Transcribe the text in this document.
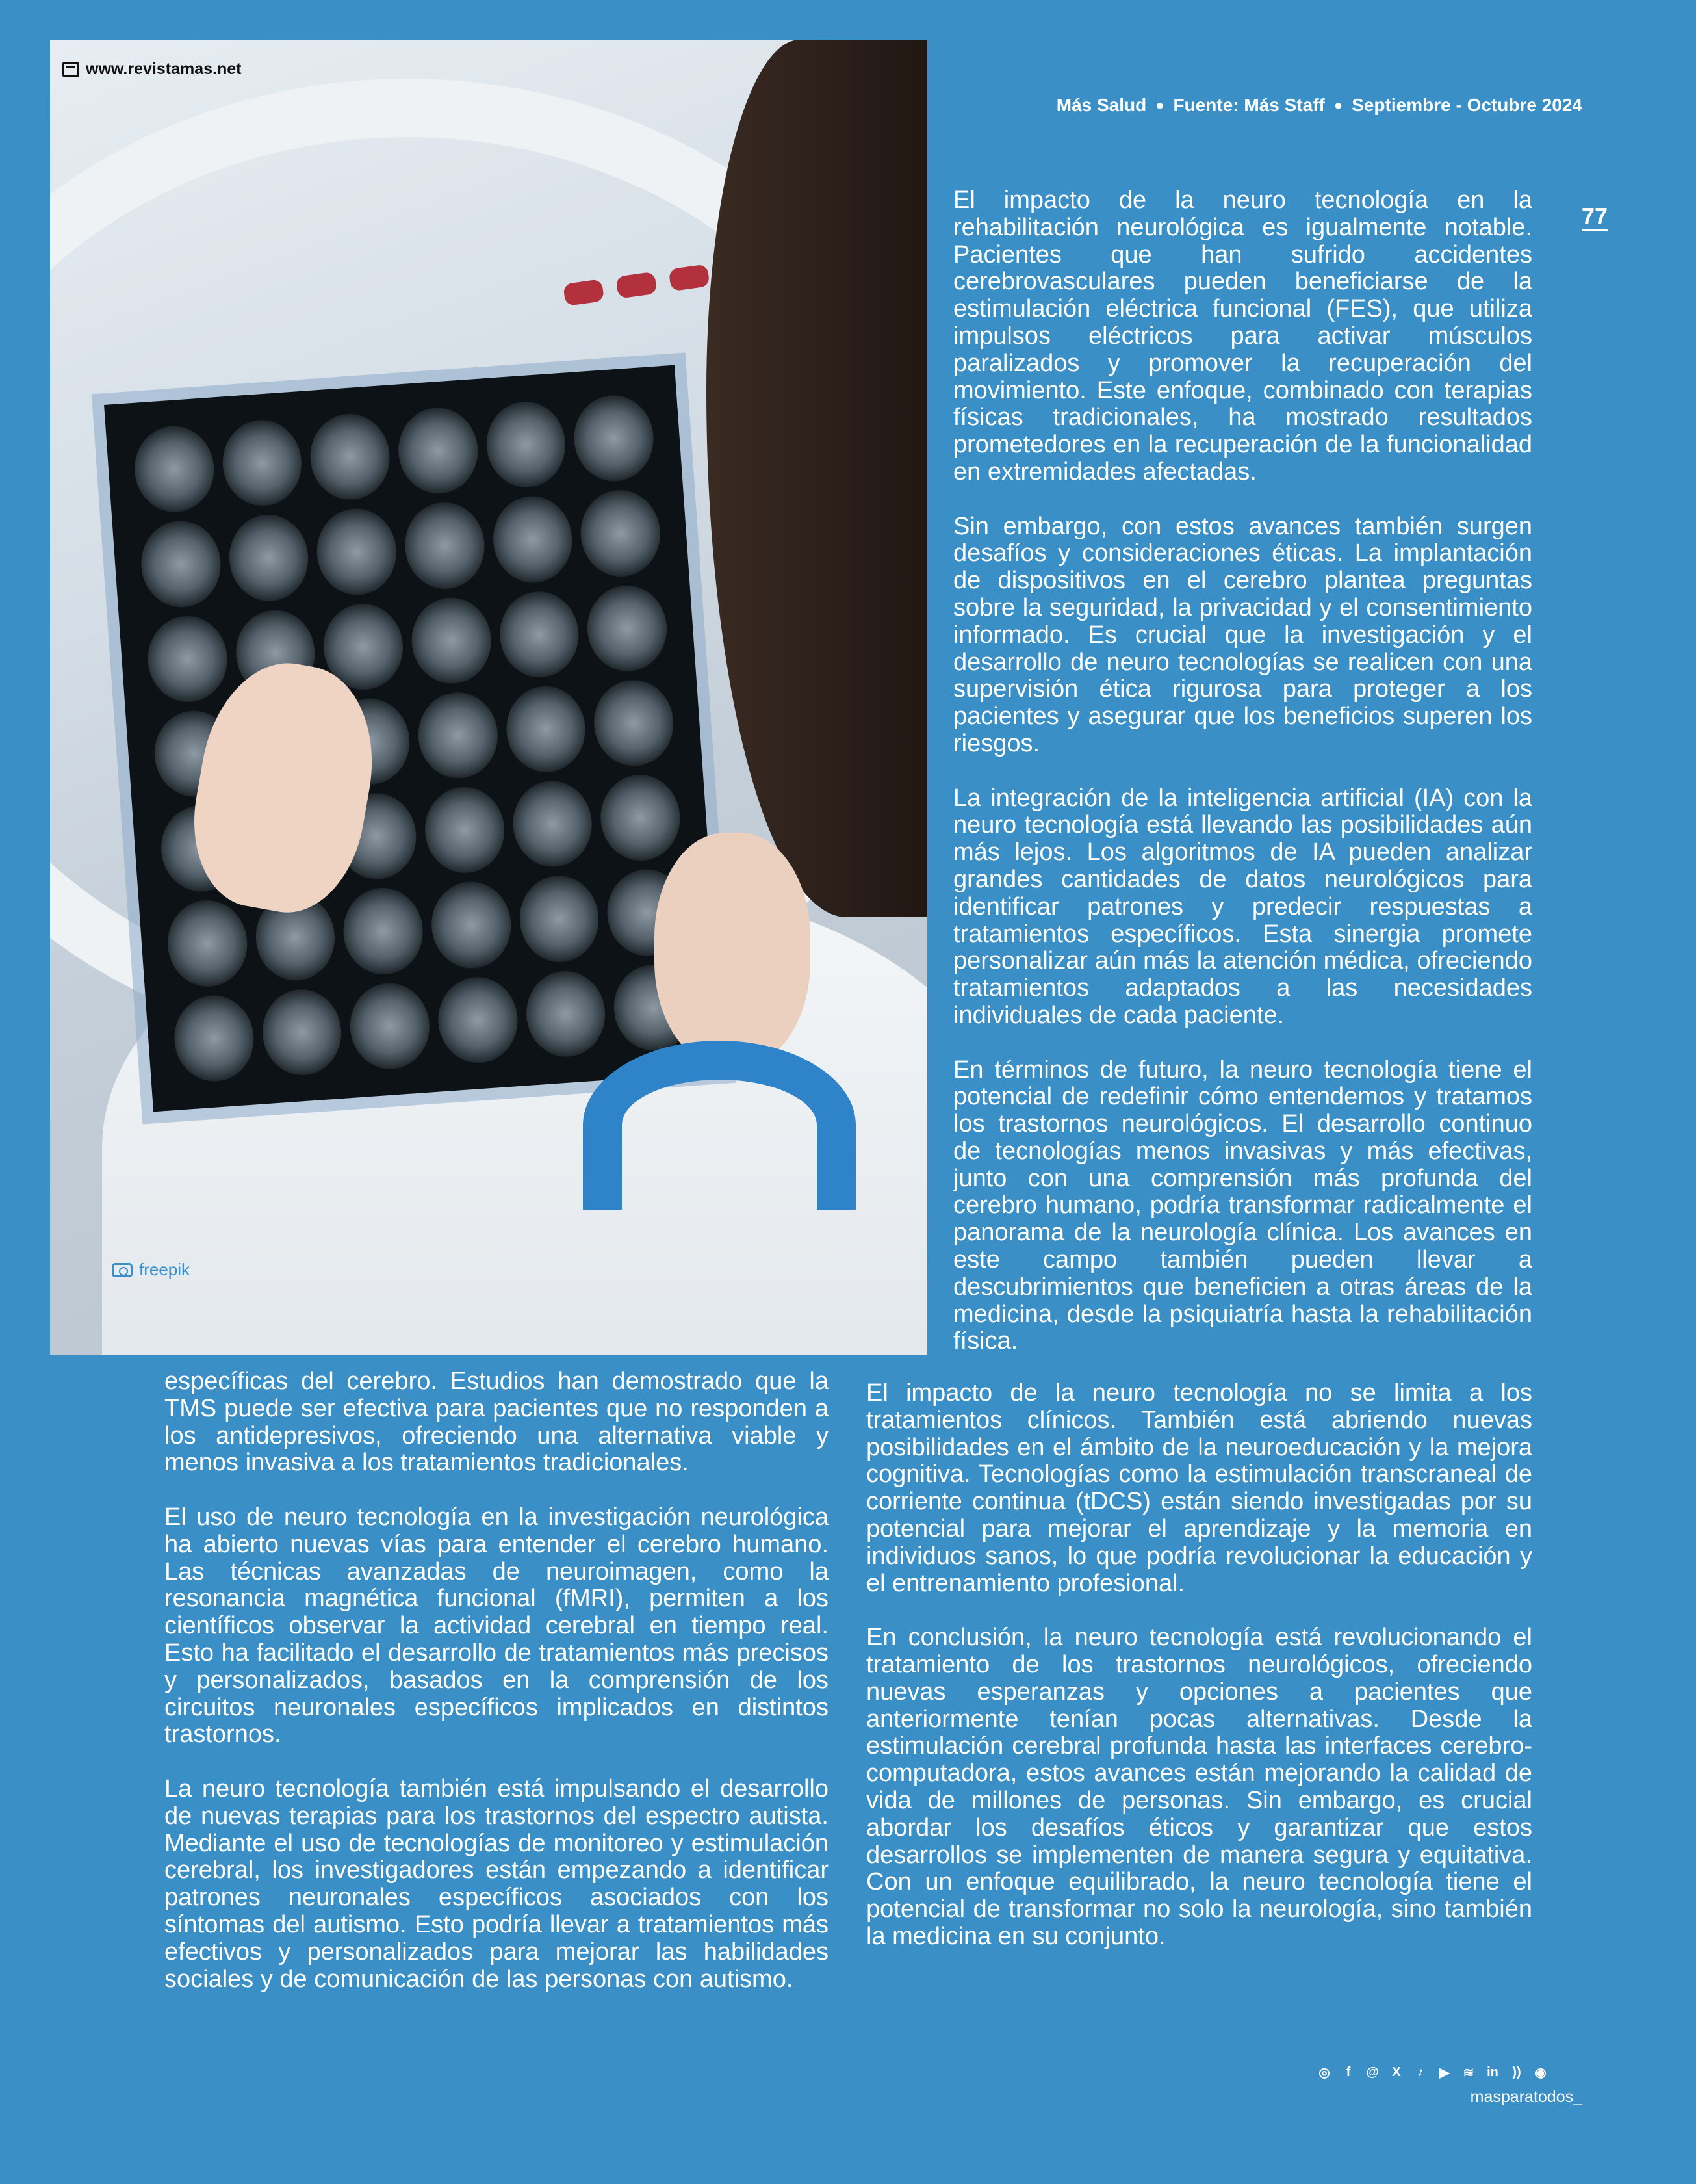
www.revistamas.net
freepik
Más Salud ● Fuente: Más Staff ● Septiembre - Octubre 2024
77

El impacto de la neuro tecnología en la rehabilitación neurológica es igualmente notable. Pacientes que han sufrido accidentes cerebrovasculares pueden beneficiarse de la estimulación eléctrica funcional (FES), que utiliza impulsos eléctricos para activar músculos paralizados y promover la recuperación del movimiento. Este enfoque, combinado con terapias físicas tradicionales, ha mostrado resultados prometedores en la recuperación de la funcionalidad en extremidades afectadas.

Sin embargo, con estos avances también surgen desafíos y consideraciones éticas. La implantación de dispositivos en el cerebro plantea preguntas sobre la seguridad, la privacidad y el consentimiento informado. Es crucial que la investigación y el desarrollo de neuro tecnologías se realicen con una supervisión ética rigurosa para proteger a los pacientes y asegurar que los beneficios superen los riesgos.

La integración de la inteligencia artificial (IA) con la neuro tecnología está llevando las posibilidades aún más lejos. Los algoritmos de IA pueden analizar grandes cantidades de datos neurológicos para identificar patrones y predecir respuestas a tratamientos específicos. Esta sinergia promete personalizar aún más la atención médica, ofreciendo tratamientos adaptados a las necesidades individuales de cada paciente.

En términos de futuro, la neuro tecnología tiene el potencial de redefinir cómo entendemos y tratamos los trastornos neurológicos. El desarrollo continuo de tecnologías menos invasivas y más efectivas, junto con una comprensión más profunda del cerebro humano, podría transformar radicalmente el panorama de la neurología clínica. Los avances en este campo también pueden llevar a descubrimientos que beneficien a otras áreas de la medicina, desde la psiquiatría hasta la rehabilitación física.

específicas del cerebro. Estudios han demostrado que la TMS puede ser efectiva para pacientes que no responden a los antidepresivos, ofreciendo una alternativa viable y menos invasiva a los tratamientos tradicionales.

El uso de neuro tecnología en la investigación neurológica ha abierto nuevas vías para entender el cerebro humano. Las técnicas avanzadas de neuroimagen, como la resonancia magnética funcional (fMRI), permiten a los científicos observar la actividad cerebral en tiempo real. Esto ha facilitado el desarrollo de tratamientos más precisos y personalizados, basados en la comprensión de los circuitos neuronales específicos implicados en distintos trastornos.

La neuro tecnología también está impulsando el desarrollo de nuevas terapias para los trastornos del espectro autista. Mediante el uso de tecnologías de monitoreo y estimulación cerebral, los investigadores están empezando a identificar patrones neuronales específicos asociados con los síntomas del autismo. Esto podría llevar a tratamientos más efectivos y personalizados para mejorar las habilidades sociales y de comunicación de las personas con autismo.

El impacto de la neuro tecnología no se limita a los tratamientos clínicos. También está abriendo nuevas posibilidades en el ámbito de la neuroeducación y la mejora cognitiva. Tecnologías como la estimulación transcraneal de corriente continua (tDCS) están siendo investigadas por su potencial para mejorar el aprendizaje y la memoria en individuos sanos, lo que podría revolucionar la educación y el entrenamiento profesional.

En conclusión, la neuro tecnología está revolucionando el tratamiento de los trastornos neurológicos, ofreciendo nuevas esperanzas y opciones a pacientes que anteriormente tenían pocas alternativas. Desde la estimulación cerebral profunda hasta las interfaces cerebro-computadora, estos avances están mejorando la calidad de vida de millones de personas. Sin embargo, es crucial abordar los desafíos éticos y garantizar que estos desarrollos se implementen de manera segura y equitativa. Con un enfoque equilibrado, la neuro tecnología tiene el potencial de transformar no solo la neurología, sino también la medicina en su conjunto.

◎	f	@	X	♪	▶ ≋ in	))	◉
masparatodos_
